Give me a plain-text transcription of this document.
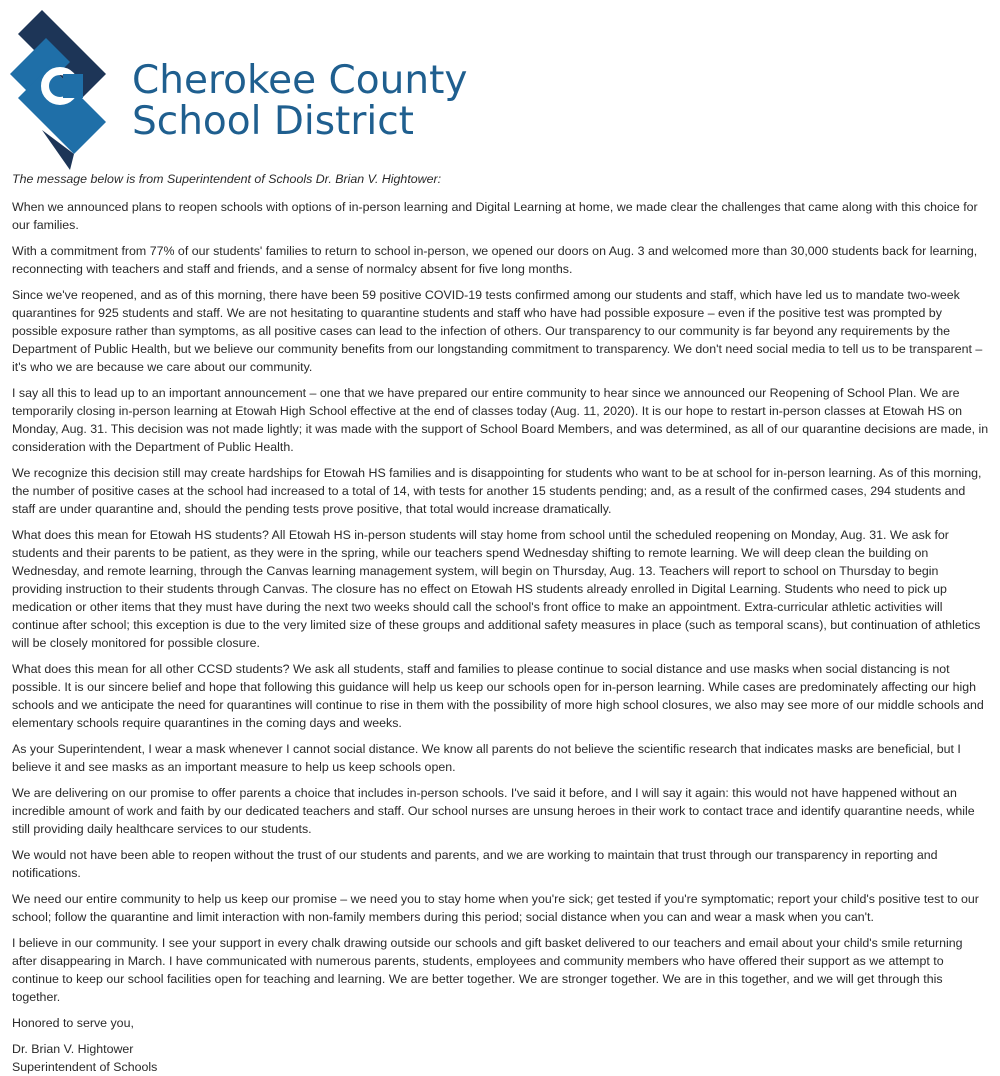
Cherokee County
School District

The message below is from Superintendent of Schools Dr. Brian V. Hightower:

When we announced plans to reopen schools with options of in-person learning and Digital Learning at home, we made clear the challenges that came along with this choice for our families.

With a commitment from 77% of our students' families to return to school in-person, we opened our doors on Aug. 3 and welcomed more than 30,000 students back for learning, reconnecting with teachers and staff and friends, and a sense of normalcy absent for five long months.

Since we've reopened, and as of this morning, there have been 59 positive COVID-19 tests confirmed among our students and staff, which have led us to mandate two-week quarantines for 925 students and staff. We are not hesitating to quarantine students and staff who have had possible exposure – even if the positive test was prompted by possible exposure rather than symptoms, as all positive cases can lead to the infection of others. Our transparency to our community is far beyond any requirements by the Department of Public Health, but we believe our community benefits from our longstanding commitment to transparency. We don't need social media to tell us to be transparent – it's who we are because we care about our community.

I say all this to lead up to an important announcement – one that we have prepared our entire community to hear since we announced our Reopening of School Plan. We are temporarily closing in-person learning at Etowah High School effective at the end of classes today (Aug. 11, 2020). It is our hope to restart in-person classes at Etowah HS on Monday, Aug. 31. This decision was not made lightly; it was made with the support of School Board Members, and was determined, as all of our quarantine decisions are made, in consideration with the Department of Public Health.

We recognize this decision still may create hardships for Etowah HS families and is disappointing for students who want to be at school for in-person learning. As of this morning, the number of positive cases at the school had increased to a total of 14, with tests for another 15 students pending; and, as a result of the confirmed cases, 294 students and staff are under quarantine and, should the pending tests prove positive, that total would increase dramatically.

What does this mean for Etowah HS students? All Etowah HS in-person students will stay home from school until the scheduled reopening on Monday, Aug. 31. We ask for students and their parents to be patient, as they were in the spring, while our teachers spend Wednesday shifting to remote learning. We will deep clean the building on Wednesday, and remote learning, through the Canvas learning management system, will begin on Thursday, Aug. 13. Teachers will report to school on Thursday to begin providing instruction to their students through Canvas. The closure has no effect on Etowah HS students already enrolled in Digital Learning. Students who need to pick up medication or other items that they must have during the next two weeks should call the school's front office to make an appointment. Extra-curricular athletic activities will continue after school; this exception is due to the very limited size of these groups and additional safety measures in place (such as temporal scans), but continuation of athletics will be closely monitored for possible closure.

What does this mean for all other CCSD students? We ask all students, staff and families to please continue to social distance and use masks when social distancing is not possible. It is our sincere belief and hope that following this guidance will help us keep our schools open for in-person learning. While cases are predominately affecting our high schools and we anticipate the need for quarantines will continue to rise in them with the possibility of more high school closures, we also may see more of our middle schools and elementary schools require quarantines in the coming days and weeks.

As your Superintendent, I wear a mask whenever I cannot social distance. We know all parents do not believe the scientific research that indicates masks are beneficial, but I believe it and see masks as an important measure to help us keep schools open.

We are delivering on our promise to offer parents a choice that includes in-person schools. I've said it before, and I will say it again: this would not have happened without an incredible amount of work and faith by our dedicated teachers and staff. Our school nurses are unsung heroes in their work to contact trace and identify quarantine needs, while still providing daily healthcare services to our students.

We would not have been able to reopen without the trust of our students and parents, and we are working to maintain that trust through our transparency in reporting and notifications.

We need our entire community to help us keep our promise – we need you to stay home when you're sick; get tested if you're symptomatic; report your child's positive test to our school; follow the quarantine and limit interaction with non-family members during this period; social distance when you can and wear a mask when you can't.

I believe in our community. I see your support in every chalk drawing outside our schools and gift basket delivered to our teachers and email about your child's smile returning after disappearing in March. I have communicated with numerous parents, students, employees and community members who have offered their support as we attempt to continue to keep our school facilities open for teaching and learning. We are better together. We are stronger together. We are in this together, and we will get through this together.

Honored to serve you,

Dr. Brian V. Hightower
Superintendent of Schools
